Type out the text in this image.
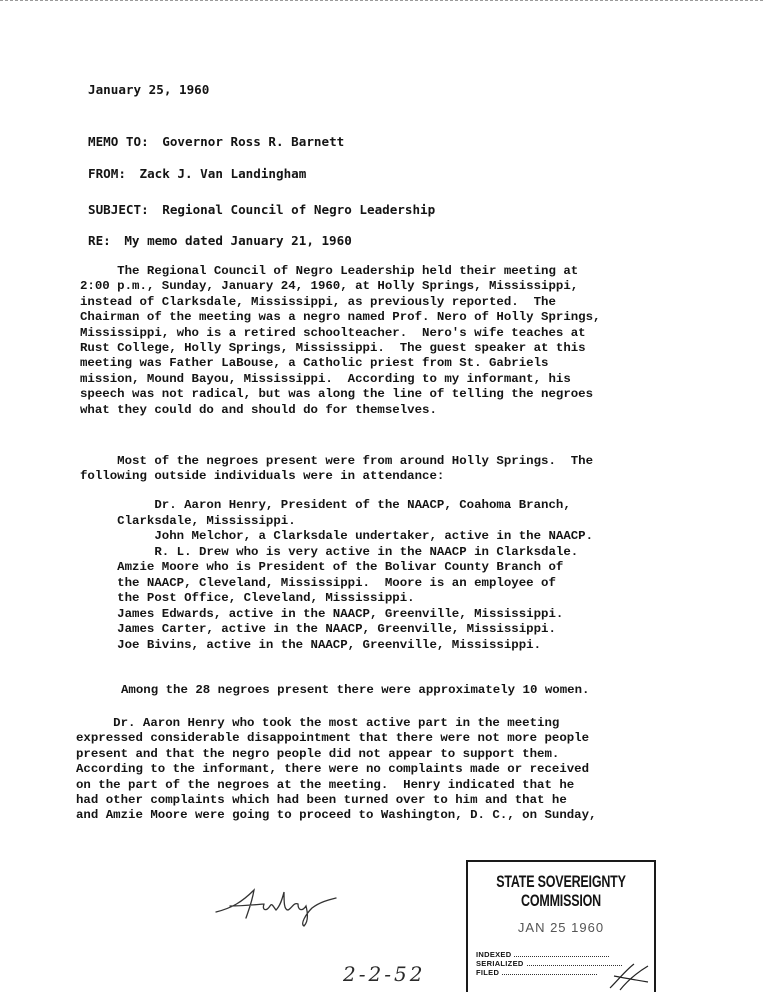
January 25, 1960
MEMO TO: Governor Ross R. Barnett
FROM: Zack J. Van Landingham
SUBJECT: Regional Council of Negro Leadership
RE: My memo dated January 21, 1960
The Regional Council of Negro Leadership held their meeting at
2:00 p.m., Sunday, January 24, 1960, at Holly Springs, Mississippi,
instead of Clarksdale, Mississippi, as previously reported.  The
Chairman of the meeting was a negro named Prof. Nero of Holly Springs,
Mississippi, who is a retired schoolteacher.  Nero's wife teaches at
Rust College, Holly Springs, Mississippi.  The guest speaker at this
meeting was Father LaBouse, a Catholic priest from St. Gabriels
mission, Mound Bayou, Mississippi.  According to my informant, his
speech was not radical, but was along the line of telling the negroes
what they could do and should do for themselves.
Most of the negroes present were from around Holly Springs.  The
following outside individuals were in attendance:
Dr. Aaron Henry, President of the NAACP, Coahoma Branch,
Clarksdale, Mississippi.
John Melchor, a Clarksdale undertaker, active in the NAACP.
R. L. Drew who is very active in the NAACP in Clarksdale.
Amzie Moore who is President of the Bolivar County Branch of
the NAACP, Cleveland, Mississippi.  Moore is an employee of
the Post Office, Cleveland, Mississippi.
James Edwards, active in the NAACP, Greenville, Mississippi.
James Carter, active in the NAACP, Greenville, Mississippi.
Joe Bivins, active in the NAACP, Greenville, Mississippi.
Among the 28 negroes present there were approximately 10 women.
Dr. Aaron Henry who took the most active part in the meeting
expressed considerable disappointment that there were not more people
present and that the negro people did not appear to support them.
According to the informant, there were no complaints made or received
on the part of the negroes at the meeting.  Henry indicated that he
had other complaints which had been turned over to him and that he
and Amzie Moore were going to proceed to Washington, D. C., on Sunday,
2-2-52
STATE SOVEREIGNTY COMMISSION
JAN 25 1960
INDEXED
SERIALIZED
FILED
